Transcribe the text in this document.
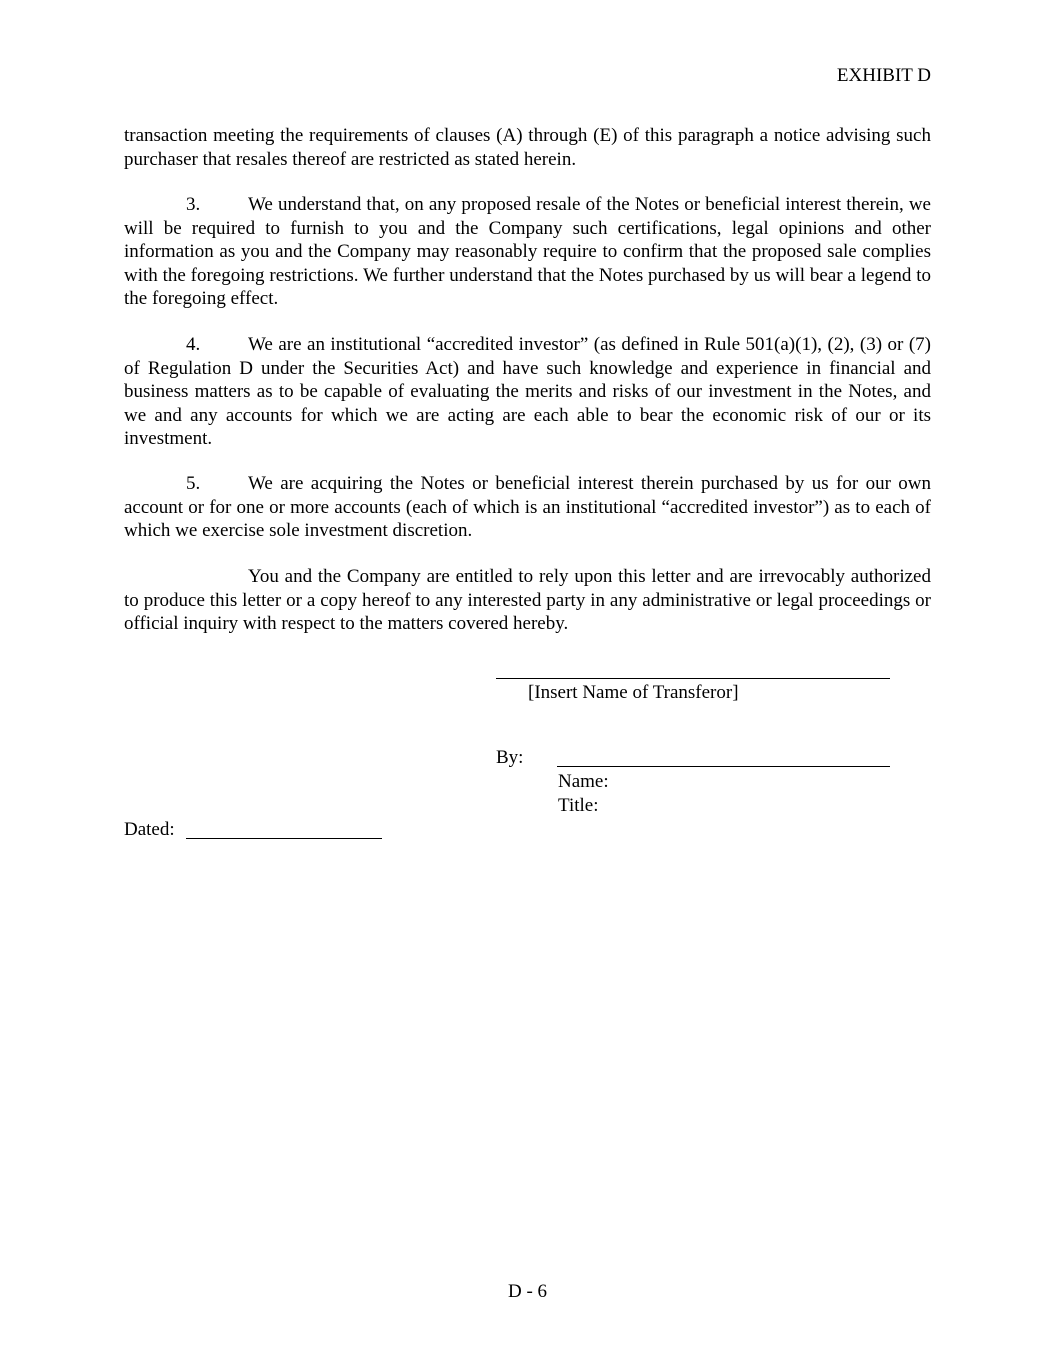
EXHIBIT D

transaction meeting the requirements of clauses (A) through (E) of this paragraph a notice advising such purchaser that resales thereof are restricted as stated herein.

3.	We understand that, on any proposed resale of the Notes or beneficial interest therein, we will be required to furnish to you and the Company such certifications, legal opinions and other information as you and the Company may reasonably require to confirm that the proposed sale complies with the foregoing restrictions. We further understand that the Notes purchased by us will bear a legend to the foregoing effect.

4.	We are an institutional “accredited investor” (as defined in Rule 501(a)(1), (2), (3) or (7) of Regulation D under the Securities Act) and have such knowledge and experience in financial and business matters as to be capable of evaluating the merits and risks of our investment in the Notes, and we and any accounts for which we are acting are each able to bear the economic risk of our or its investment.

5.	We are acquiring the Notes or beneficial interest therein purchased by us for our own account or for one or more accounts (each of which is an institutional “accredited investor”) as to each of which we exercise sole investment discretion.

You and the Company are entitled to rely upon this letter and are irrevocably authorized to produce this letter or a copy hereof to any interested party in any administrative or legal proceedings or official inquiry with respect to the matters covered hereby.

[Insert Name of Transferor]
By:
Name:
Title:
Dated:
D - 6
